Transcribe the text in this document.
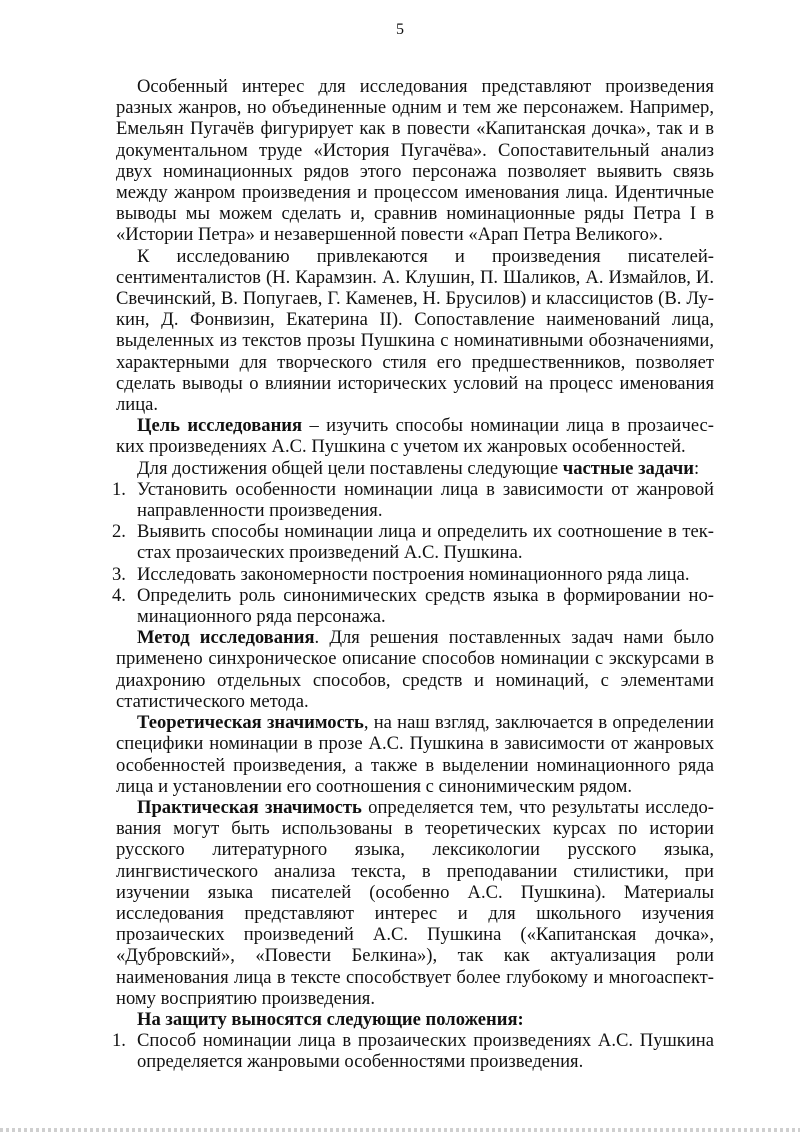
5

Особенный интерес для исследования представляют произведения разных жанров, но объединенные одним и тем же персонажем. Например, Емельян Пугачёв фигурирует как в повести «Капитанская дочка», так и в документальном труде «История Пугачёва». Сопоставительный анализ двух номинационных рядов этого персонажа позволяет выявить связь между жанром произведения и процессом именования лица. Идентичные выводы мы можем сделать и, сравнив номинационные ряды Петра I в «Истории Петра» и незавершенной повести «Арап Петра Великого».

К исследованию привлекаются и произведения писателей-сентименталистов (Н. Карамзин. А. Клушин, П. Шаликов, А. Измайлов, И. Свечинский, В. Попугаев, Г. Каменев, Н. Брусилов) и классицистов (В. Лукин, Д. Фонвизин, Екатерина II). Сопоставление наименований лица, выделенных из текстов прозы Пушкина с номинативными обозначениями, характерными для творческого стиля его предшественников, позволяет сделать выводы о влиянии исторических условий на процесс именования лица.

Цель исследования – изучить способы номинации лица в прозаических произведениях А.С. Пушкина с учетом их жанровых особенностей.

Для достижения общей цели поставлены следующие частные задачи:

1. Установить особенности номинации лица в зависимости от жанровой направленности произведения.
2. Выявить способы номинации лица и определить их соотношение в текстах прозаических произведений А.С. Пушкина.
3. Исследовать закономерности построения номинационного ряда лица.
4. Определить роль синонимических средств языка в формировании номинационного ряда персонажа.

Метод исследования. Для решения поставленных задач нами было применено синхроническое описание способов номинации с экскурсами в диахронию отдельных способов, средств и номинаций, с элементами статистического метода.

Теоретическая значимость, на наш взгляд, заключается в определении специфики номинации в прозе А.С. Пушкина в зависимости от жанровых особенностей произведения, а также в выделении номинационного ряда лица и установлении его соотношения с синонимическим рядом.

Практическая значимость определяется тем, что результаты исследования могут быть использованы в теоретических курсах по истории русского литературного языка, лексикологии русского языка, лингвистического анализа текста, в преподавании стилистики, при изучении языка писателей (особенно А.С. Пушкина). Материалы исследования представляют интерес и для школьного изучения прозаических произведений А.С. Пушкина («Капитанская дочка», «Дубровский», «Повести Белкина»), так как актуализация роли наименования лица в тексте способствует более глубокому и многоаспектному восприятию произведения.

На защиту выносятся следующие положения:

1. Способ номинации лица в прозаических произведениях А.С. Пушкина определяется жанровыми особенностями произведения.
